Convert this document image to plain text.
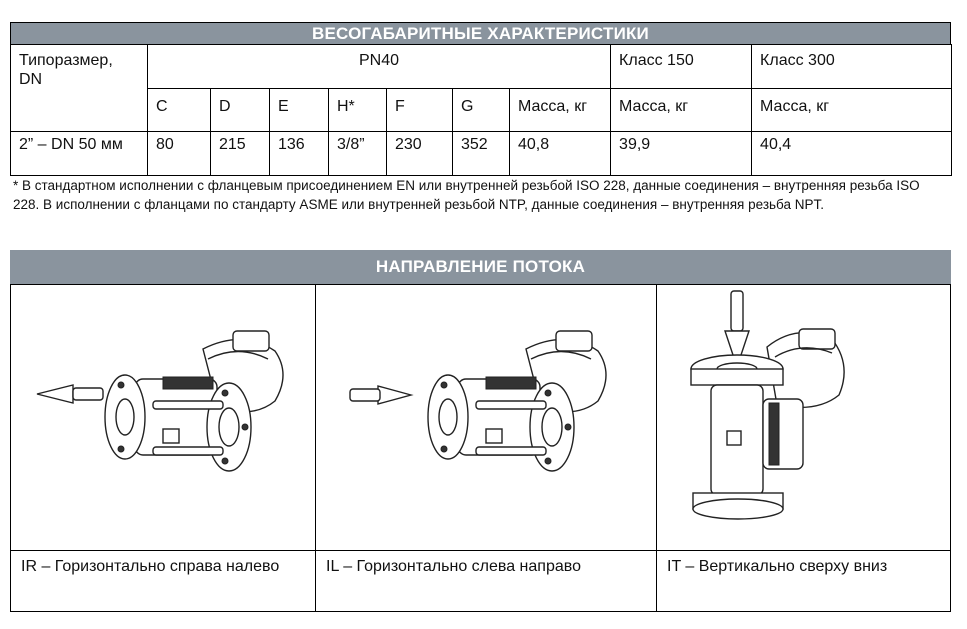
ВЕСОГАБАРИТНЫЕ ХАРАКТЕРИСТИКИ
Типоразмер, DN	PN40							Класс 150	Класс 300
	C	D	E	H*	F	G	Масса, кг	Масса, кг	Масса, кг
2” – DN 50 мм	80	215	136	3/8”	230	352	40,8	39,9	40,4
* В стандартном исполнении с фланцевым присоединением EN или внутренней резьбой ISO 228, данные соединения – внутренняя резьба ISO 228. В исполнении с фланцами по стандарту ASME или внутренней резьбой NTP, данные соединения – внутренняя резьба NPT.
НАПРАВЛЕНИЕ ПОТОКА
IR – Горизонтально справа налево	IL – Горизонтально слева направо	IT – Вертикально сверху вниз
